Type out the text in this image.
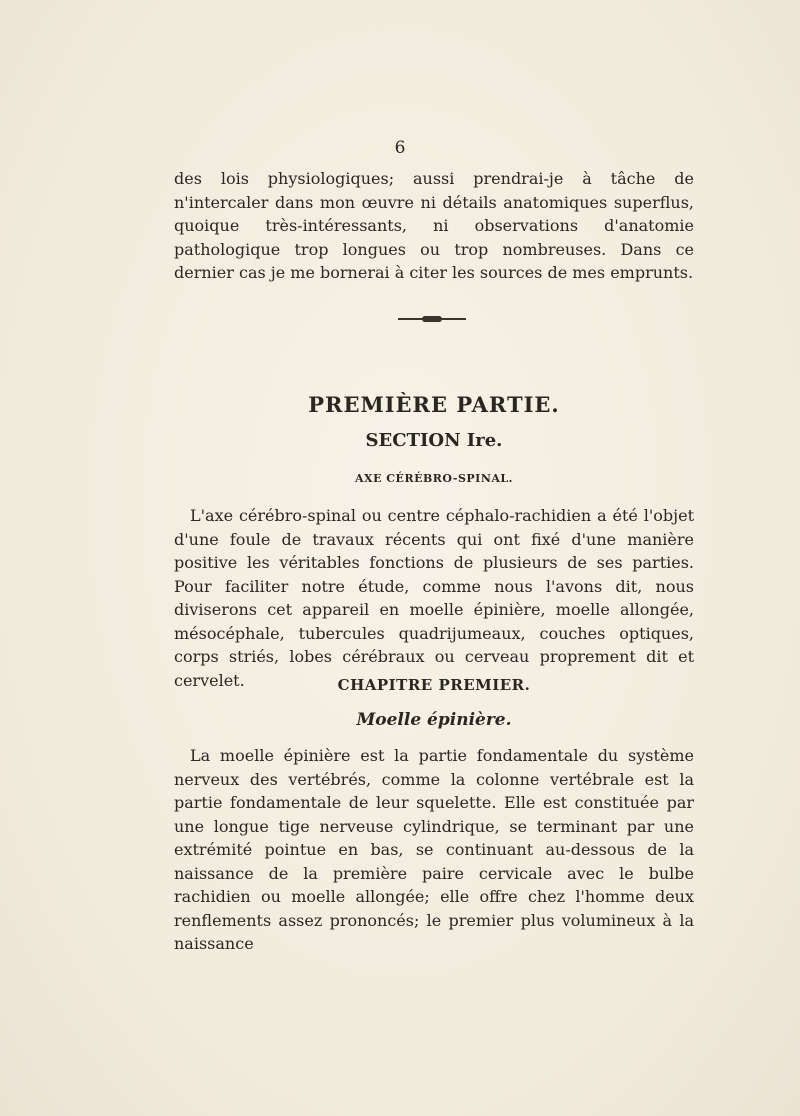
6

des lois physiologiques; aussi prendrai-je à tâche de n'intercaler dans mon œuvre ni détails anatomiques superflus, quoique très-intéressants, ni observations d'anatomie pathologique trop longues ou trop nombreuses. Dans ce dernier cas je me bornerai à citer les sources de mes emprunts.

PREMIÈRE PARTIE.
SECTION Ire.
AXE CÉRÉBRO-SPINAL.

L'axe cérébro-spinal ou centre céphalo-rachidien a été l'objet d'une foule de travaux récents qui ont fixé d'une manière positive les véritables fonctions de plusieurs de ses parties. Pour faciliter notre étude, comme nous l'avons dit, nous diviserons cet appareil en moelle épinière, moelle allongée, mésocéphale, tubercules quadrijumeaux, couches optiques, corps striés, lobes cérébraux ou cerveau proprement dit et cervelet.	CHAPITRE PREMIER.
Moelle épinière.

La moelle épinière est la partie fondamentale du système nerveux des vertébrés, comme la colonne vertébrale est la partie fondamentale de leur squelette. Elle est constituée par une longue tige nerveuse cylindrique, se terminant par une extrémité pointue en bas, se continuant au-dessous de la naissance de la première paire cervicale avec le bulbe rachidien ou moelle allongée; elle offre chez l'homme deux renflements assez prononcés; le premier plus volumineux à la naissance
